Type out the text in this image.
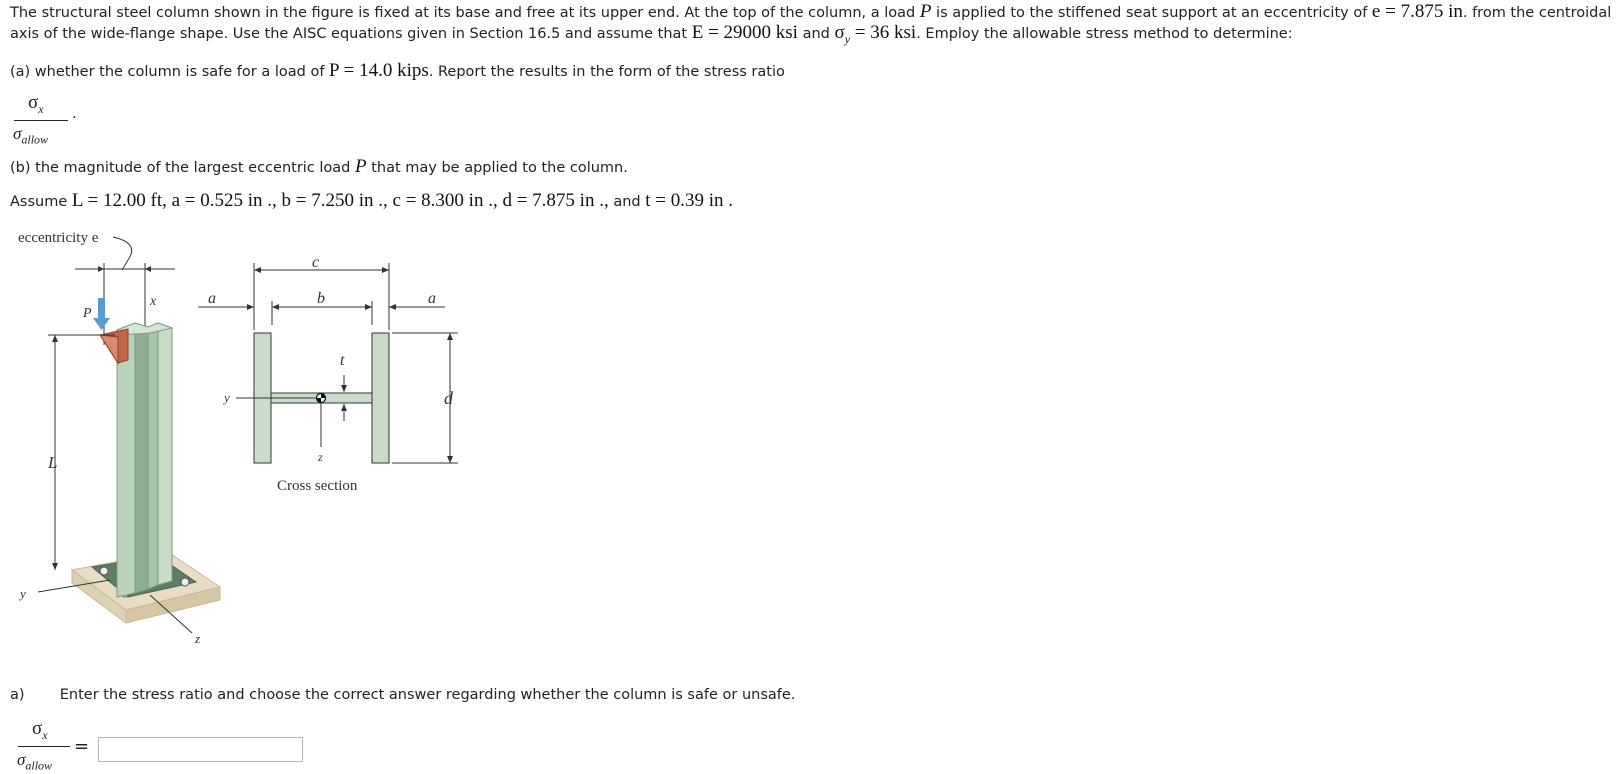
The structural steel column shown in the figure is fixed at its base and free at its upper end. At the top of the column, a load P is applied to the stiffened seat support at an eccentricity of e = 7.875 in. from the centroidal axis of the wide-flange shape. Use the AISC equations given in Section 16.5 and assume that E = 29000 ksi and $\sigma_y = 36$ ksi. Employ the allowable stress method to determine:
(a) whether the column is safe for a load of P = 14.0 kips. Report the results in the form of the stress ratio
$\sigma_x$
$\sigma_{allow}$
.
(b) the magnitude of the largest eccentric load P that may be applied to the column.
Assume L = 12.00 ft, a = 0.525 in ., b = 7.250 in ., c = 8.300 in ., d = 7.875 in ., and t = 0.39 in .
eccentricity e
x
P
L
y
z
c
b
a	a
y
z
t
d
Cross section
a) Enter the stress ratio and choose the correct answer regarding whether the column is safe or unsafe.
$\sigma_x$
$\sigma_{allow}$
=
